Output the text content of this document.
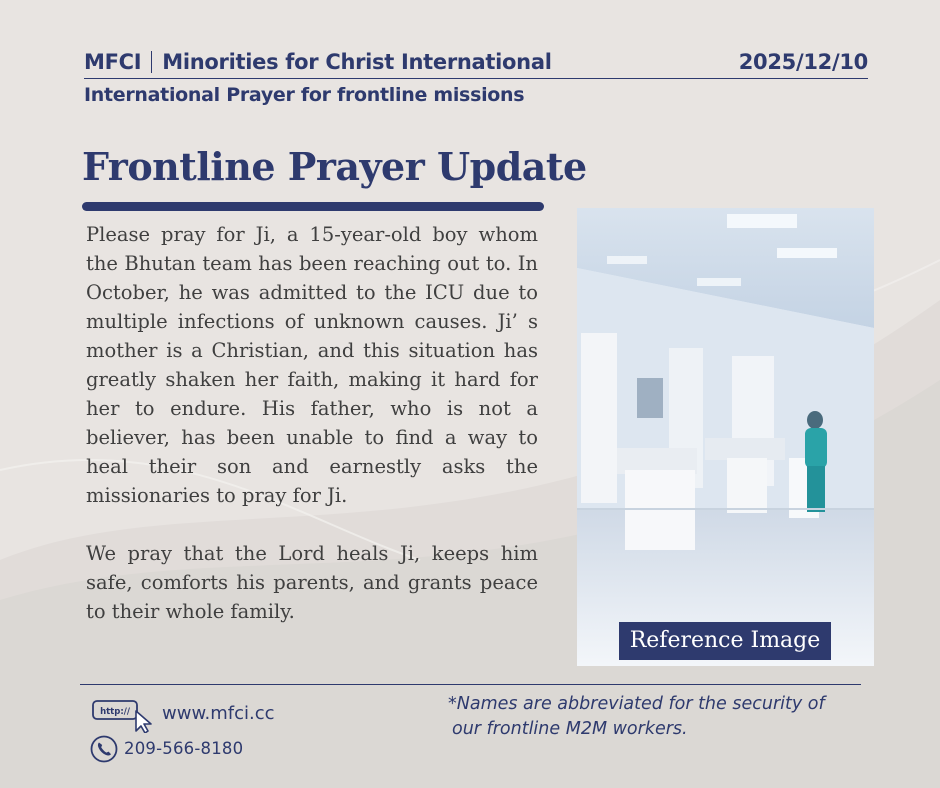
MFCI Minorities for Christ International	2025/12/10
International Prayer for frontline missions
Frontline Prayer Update

Please pray for Ji, a 15-year-old boy whom the Bhutan team has been reaching out to. In October, he was admitted to the ICU due to multiple infections of unknown causes. Ji’ s mother is a Christian, and this situation has greatly shaken her faith, making it hard for her to endure. His father, who is not a believer, has been unable to find a way to heal their son and earnestly asks the missionaries to pray for Ji.

We pray that the Lord heals Ji, keeps him safe, comforts his parents, and grants peace to their whole family.

Reference Image
http:// www.mfci.cc
209-566-8180
*Names are abbreviated for the security of
our frontline M2M workers.
